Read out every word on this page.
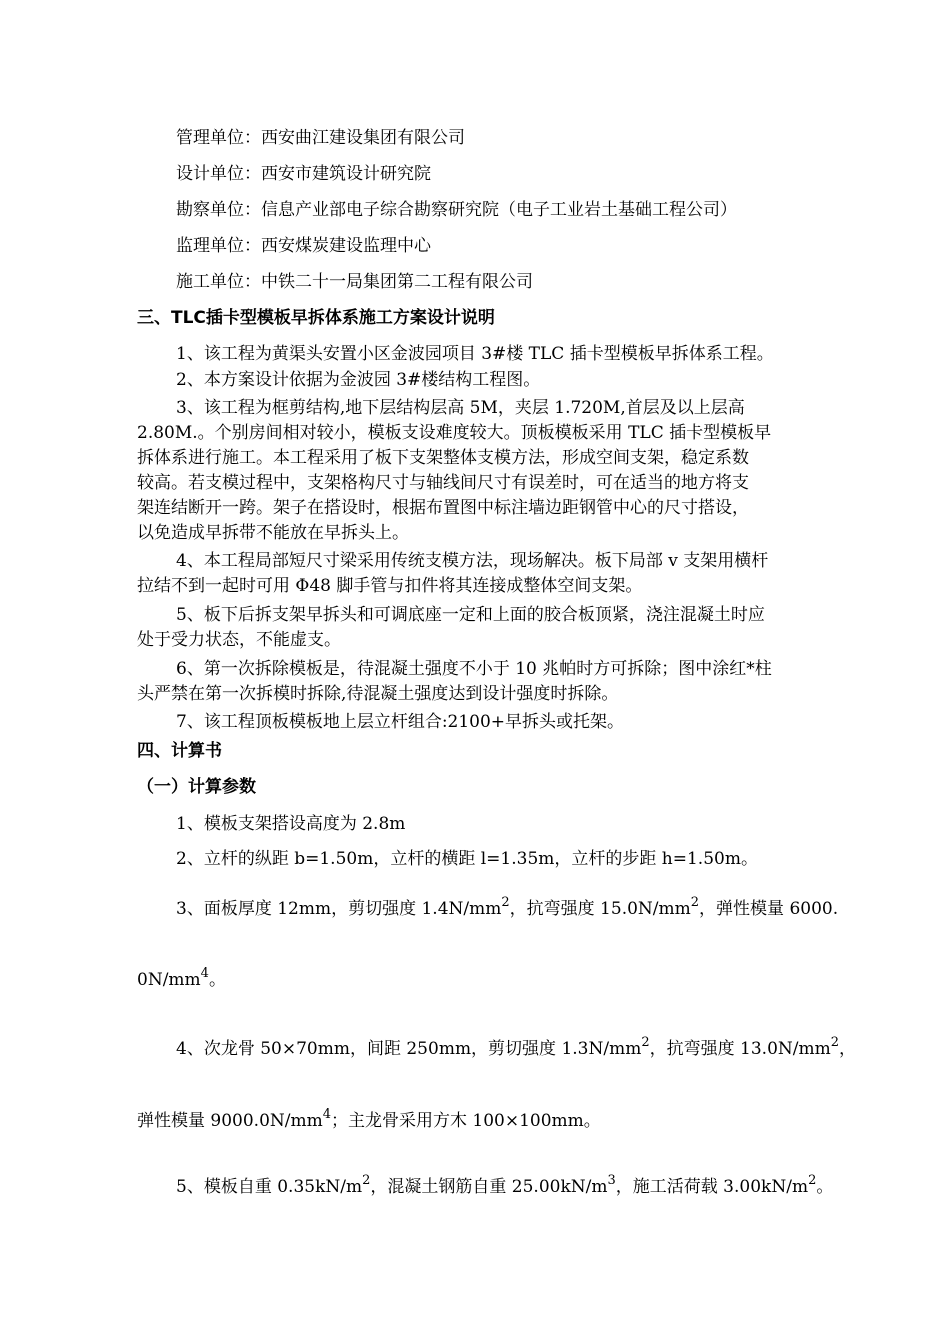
管理单位：西安曲江建设集团有限公司
设计单位：西安市建筑设计研究院
勘察单位：信息产业部电子综合勘察研究院（电子工业岩土基础工程公司）
监理单位：西安煤炭建设监理中心
施工单位：中铁二十一局集团第二工程有限公司
三、TLC插卡型模板早拆体系施工方案设计说明
1、该工程为黄渠头安置小区金波园项目 3#楼 TLC 插卡型模板早拆体系工程。
2、本方案设计依据为金波园 3#楼结构工程图。
3、该工程为框剪结构,地下层结构层高 5M，夹层 1.720M,首层及以上层高
2.80M.。个别房间相对较小，模板支设难度较大。顶板模板采用 TLC 插卡型模板早
拆体系进行施工。本工程采用了板下支架整体支模方法，形成空间支架，稳定系数
较高。若支模过程中，支架格构尺寸与轴线间尺寸有误差时，可在适当的地方将支
架连结断开一跨。架子在搭设时，根据布置图中标注墙边距钢管中心的尺寸搭设，
以免造成早拆带不能放在早拆头上。
4、本工程局部短尺寸梁采用传统支模方法，现场解决。板下局部 v 支架用横杆
拉结不到一起时可用 Φ48 脚手管与扣件将其连接成整体空间支架。
5、板下后拆支架早拆头和可调底座一定和上面的胶合板顶紧，浇注混凝土时应
处于受力状态，不能虚支。
6、第一次拆除模板是，待混凝土强度不小于 10 兆帕时方可拆除；图中涂红*柱
头严禁在第一次拆模时拆除,待混凝土强度达到设计强度时拆除。
7、该工程顶板模板地上层立杆组合:2100+早拆头或托架。
四、计算书
（一）计算参数
1、模板支架搭设高度为 2.8m
2、立杆的纵距 b=1.50m，立杆的横距 l=1.35m，立杆的步距 h=1.50m。
3、面板厚度 12mm，剪切强度 $1.4N/mm^2$，抗弯强度 $15.0N/mm^2$，弹性模量 6000.
$0N/mm^4$。
4、次龙骨 50×70mm，间距 250mm，剪切强度 $1.3N/mm^2$，抗弯强度 $13.0N/mm^2$，
弹性模量 $9000.0N/mm^4$；主龙骨采用方木 100×100mm。
5、模板自重 $0.35kN/m^2$，混凝土钢筋自重 $25.00kN/m^3$，施工活荷载 $3.00kN/m^2$。
